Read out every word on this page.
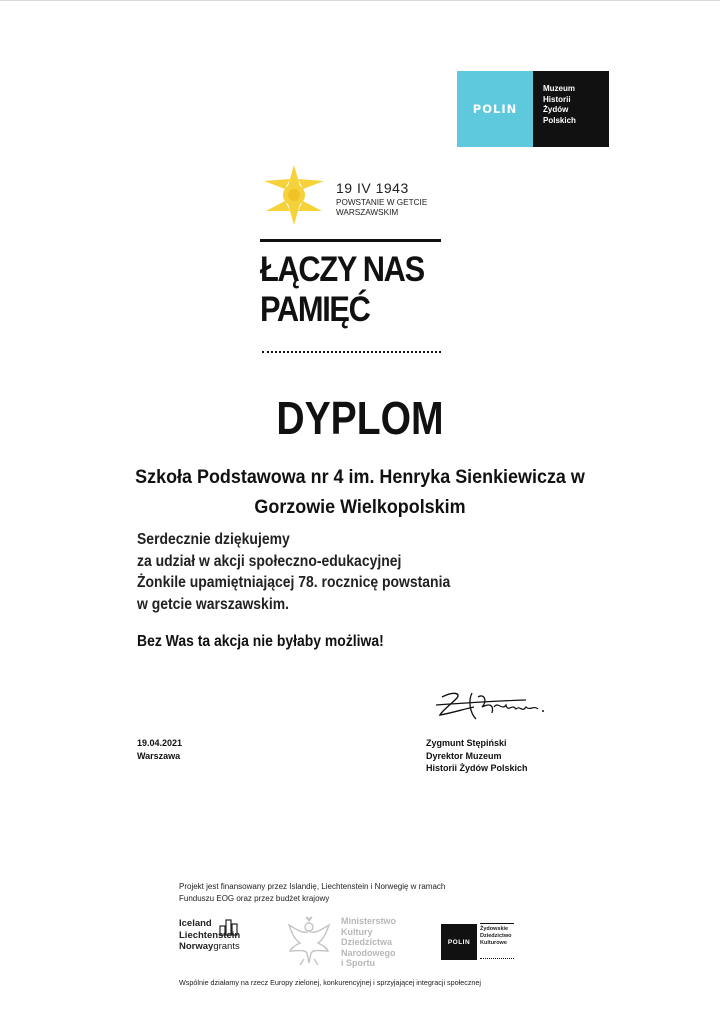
POLIN
Muzeum
Historii
Żydów
Polskich
19 IV 1943
POWSTANIE W GETCIE
WARSZAWSKIM
ŁĄCZY NAS
PAMIĘĆ
DYPLOM
Szkoła Podstawowa nr 4 im. Henryka Sienkiewicza w
Gorzowie Wielkopolskim
Serdecznie dziękujemy
za udział w akcji społeczno-edukacyjnej
Żonkile upamiętniającej 78. rocznicę powstania
w getcie warszawskim.
Bez Was ta akcja nie byłaby możliwa!
19.04.2021
Warszawa
Zygmunt Stępiński
Dyrektor Muzeum
Historii Żydów Polskich
Projekt jest finansowany przez Islandię, Liechtenstein i Norwegię w ramach
Funduszu EOG oraz przez budżet krajowy
Iceland
Liechtenstein
Norwaygrants
Ministerstwo
Kultury
Dziedzictwa
Narodowego
i Sportu
POLIN
Żydowskie
Dziedzictwo
Kulturowe
Wspólnie działamy na rzecz Europy zielonej, konkurencyjnej i sprzyjającej integracji społecznej
